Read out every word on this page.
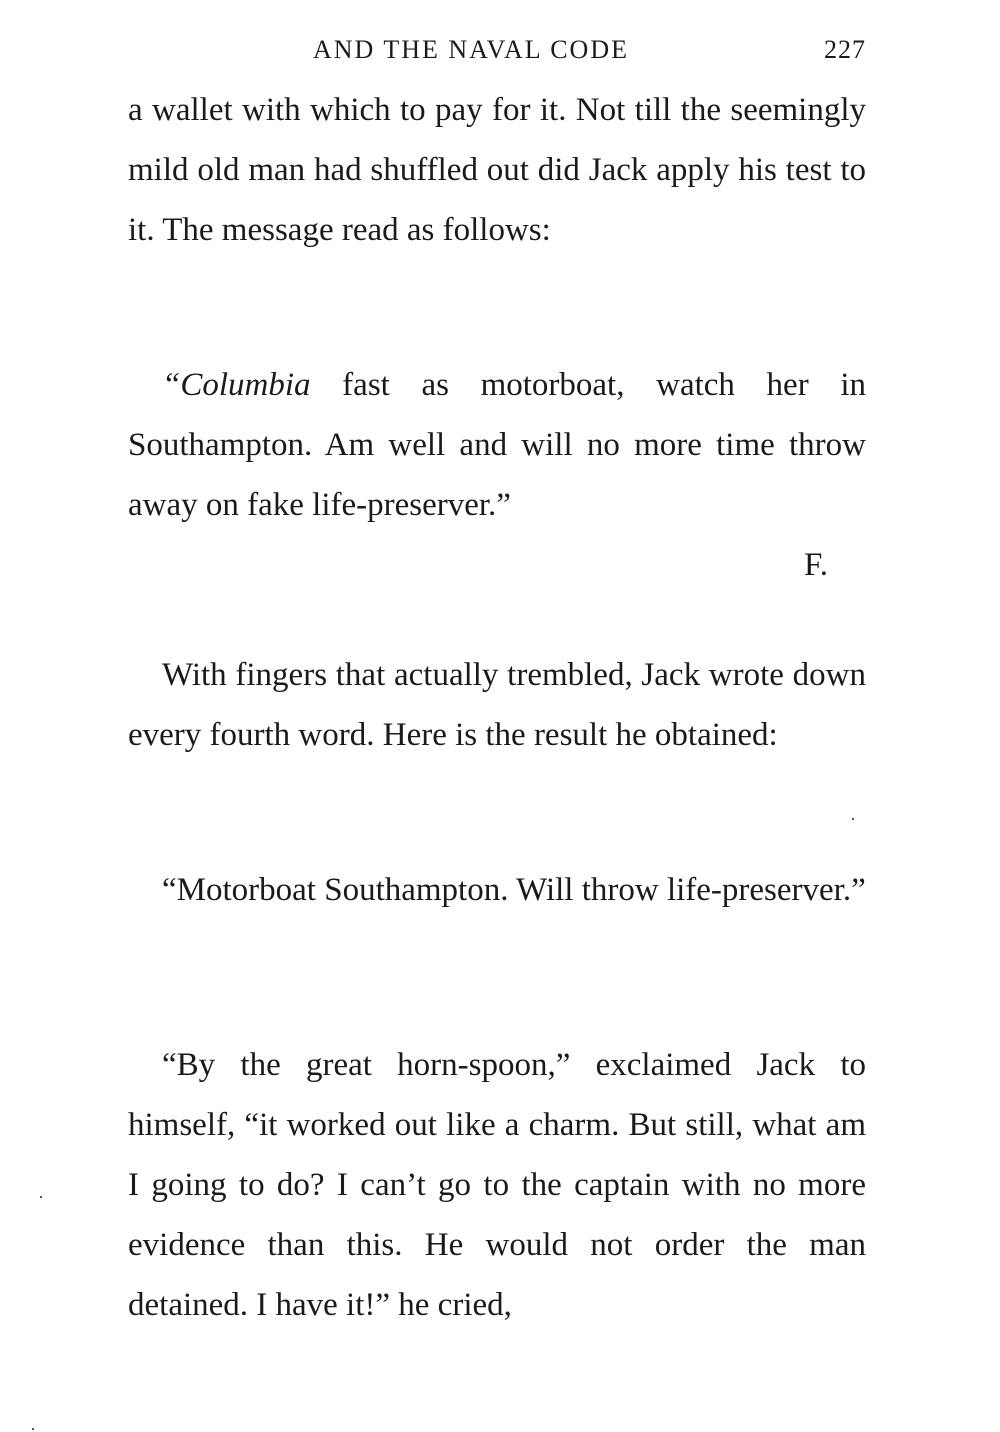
AND THE NAVAL CODE	227

a wallet with which to pay for it. Not till the seemingly mild old man had shuffled out did Jack apply his test to it. The message read as follows:

“Columbia fast as motorboat, watch her in Southampton. Am well and will no more time throw away on fake life-preserver.”

F.

With fingers that actually trembled, Jack wrote down every fourth word. Here is the result he obtained:

“Motorboat Southampton. Will throw life-preserver.”

“By the great horn-spoon,” exclaimed Jack to himself, “it worked out like a charm. But still, what am I going to do? I can’t go to the captain with no more evidence than this. He would not order the man detained. I have it!” he cried,
